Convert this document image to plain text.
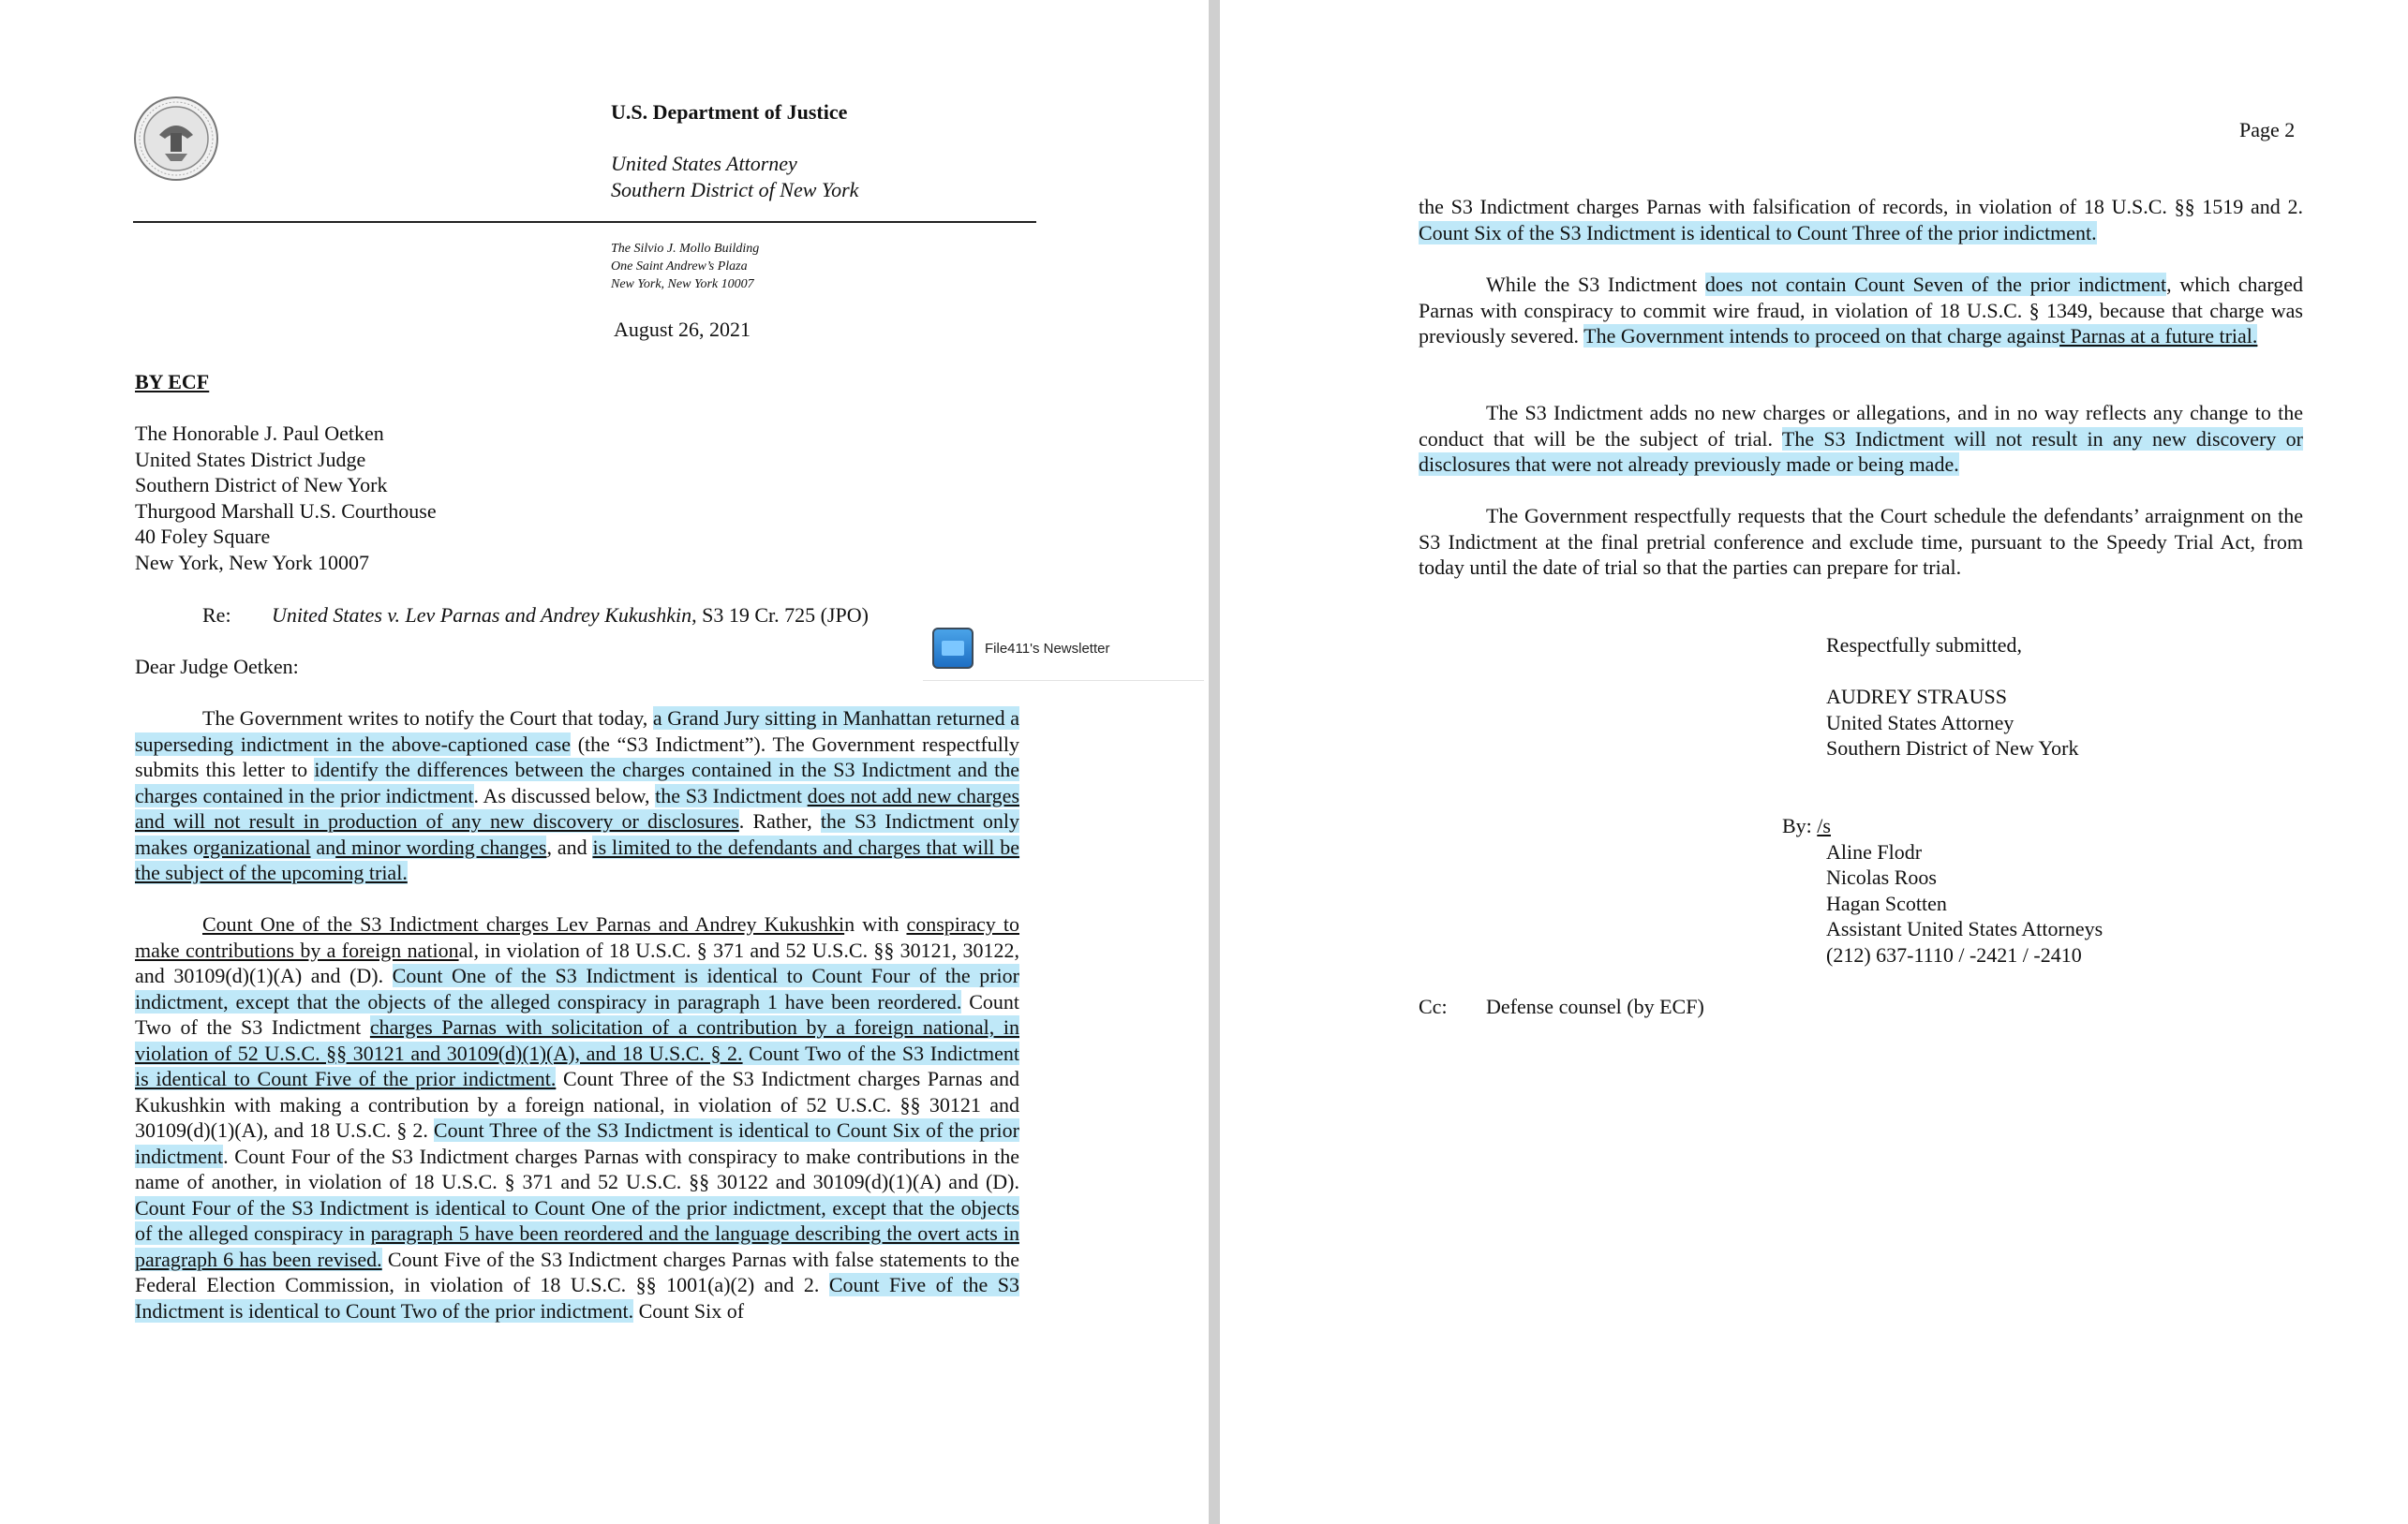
U.S. Department of Justice
United States Attorney
Southern District of New York
The Silvio J. Mollo Building
One Saint Andrew’s Plaza
New York, New York 10007
August 26, 2021
BY ECF
The Honorable J. Paul Oetken
United States District Judge
Southern District of New York
Thurgood Marshall U.S. Courthouse
40 Foley Square
New York, New York 10007
Re: United States v. Lev Parnas and Andrey Kukushkin, S3 19 Cr. 725 (JPO)
Dear Judge Oetken:

The Government writes to notify the Court that today, a Grand Jury sitting in Manhattan returned a superseding indictment in the above-captioned case (the “S3 Indictment”). The Government respectfully submits this letter to identify the differences between the charges contained in the S3 Indictment and the charges contained in the prior indictment. As discussed below, the S3 Indictment does not add new charges and will not result in production of any new discovery or disclosures. Rather, the S3 Indictment only makes organizational and minor wording changes, and is limited to the defendants and charges that will be the subject of the upcoming trial.

Count One of the S3 Indictment charges Lev Parnas and Andrey Kukushkin with conspiracy to make contributions by a foreign national, in violation of 18 U.S.C. § 371 and 52 U.S.C. §§ 30121, 30122, and 30109(d)(1)(A) and (D). Count One of the S3 Indictment is identical to Count Four of the prior indictment, except that the objects of the alleged conspiracy in paragraph 1 have been reordered. Count Two of the S3 Indictment charges Parnas with solicitation of a contribution by a foreign national, in violation of 52 U.S.C. §§ 30121 and 30109(d)(1)(A), and 18 U.S.C. § 2. Count Two of the S3 Indictment is identical to Count Five of the prior indictment. Count Three of the S3 Indictment charges Parnas and Kukushkin with making a contribution by a foreign national, in violation of 52 U.S.C. §§ 30121 and 30109(d)(1)(A), and 18 U.S.C. § 2. Count Three of the S3 Indictment is identical to Count Six of the prior indictment. Count Four of the S3 Indictment charges Parnas with conspiracy to make contributions in the name of another, in violation of 18 U.S.C. § 371 and 52 U.S.C. §§ 30122 and 30109(d)(1)(A) and (D). Count Four of the S3 Indictment is identical to Count One of the prior indictment, except that the objects of the alleged conspiracy in paragraph 5 have been reordered and the language describing the overt acts in paragraph 6 has been revised. Count Five of the S3 Indictment charges Parnas with false statements to the Federal Election Commission, in violation of 18 U.S.C. §§ 1001(a)(2) and 2. Count Five of the S3 Indictment is identical to Count Two of the prior indictment. Count Six of

File411's Newsletter
Page 2

the S3 Indictment charges Parnas with falsification of records, in violation of 18 U.S.C. §§ 1519 and 2. Count Six of the S3 Indictment is identical to Count Three of the prior indictment.

While the S3 Indictment does not contain Count Seven of the prior indictment, which charged Parnas with conspiracy to commit wire fraud, in violation of 18 U.S.C. § 1349, because that charge was previously severed. The Government intends to proceed on that charge against Parnas at a future trial.

The S3 Indictment adds no new charges or allegations, and in no way reflects any change to the conduct that will be the subject of trial. The S3 Indictment will not result in any new discovery or disclosures that were not already previously made or being made.

The Government respectfully requests that the Court schedule the defendants’ arraignment on the S3 Indictment at the final pretrial conference and exclude time, pursuant to the Speedy Trial Act, from today until the date of trial so that the parties can prepare for trial.

Respectfully submitted,
AUDREY STRAUSS
United States Attorney
Southern District of New York
By: /s
Aline Flodr
Nicolas Roos
Hagan Scotten
Assistant United States Attorneys
(212) 637-1110 / -2421 / -2410
Cc: Defense counsel (by ECF)
